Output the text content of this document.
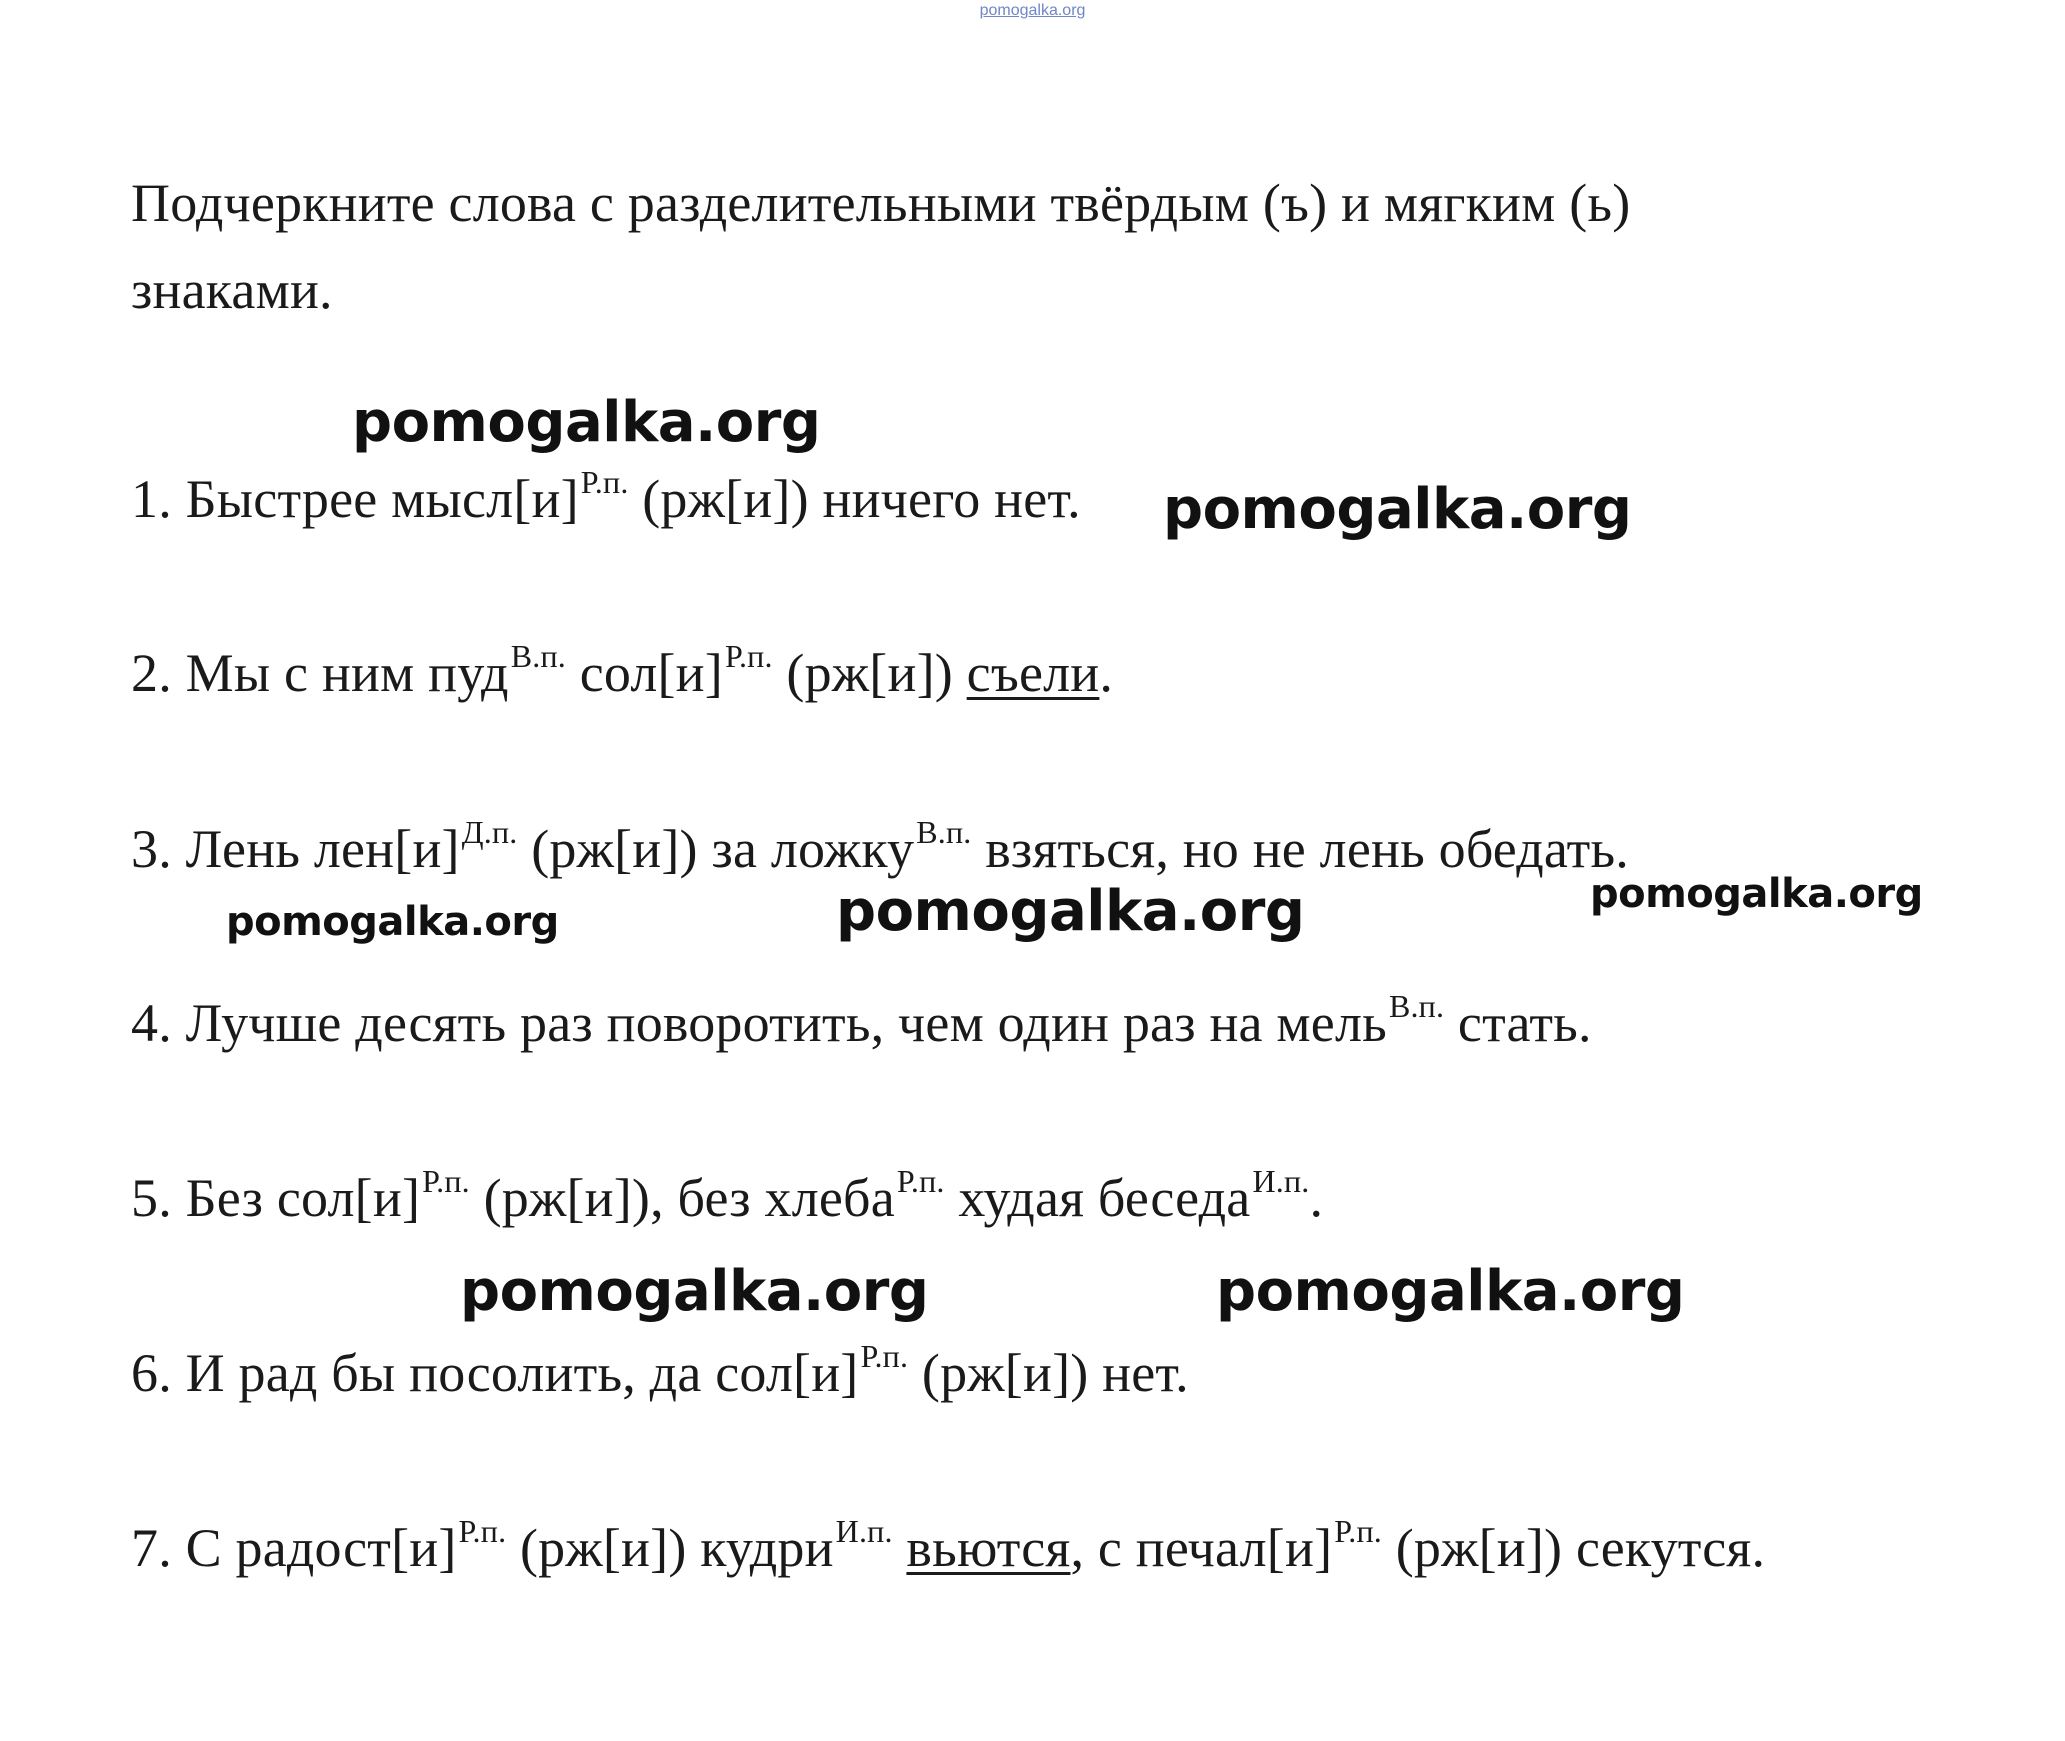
pomogalka.org
Подчеркните слова с разделительными твёрдым (ъ) и мягким (ь)
знаками.
1. Быстрее $мысл[и]^{Р.п.}$ (рж[и]) ничего нет.
2. Мы с ним пуд$^{В.п.}$ $сол[и]^{Р.п.}$ (рж[и]) съели.
3. Лень $лен[и]^{Д.п.}$ (рж[и]) за ложку$^{В.п.}$ взяться, но не лень обедать.
4. Лучше десять раз поворотить, чем один раз на мель$^{В.п.}$ стать.
5. Без $сол[и]^{Р.п.}$ (рж[и]), без хлеба$^{Р.п.}$ худая беседа$^{И.п.}$.
6. И рад бы посолить, да $сол[и]^{Р.п.}$ (рж[и]) нет.
7. С $радост[и]^{Р.п.}$ (рж[и]) кудри$^{И.п.}$ вьются, с $печал[и]^{Р.п.}$ (рж[и]) секутся.
pomogalka.org
pomogalka.org
pomogalka.org	pomogalka.org	pomogalka.org
pomogalka.org	pomogalka.org
